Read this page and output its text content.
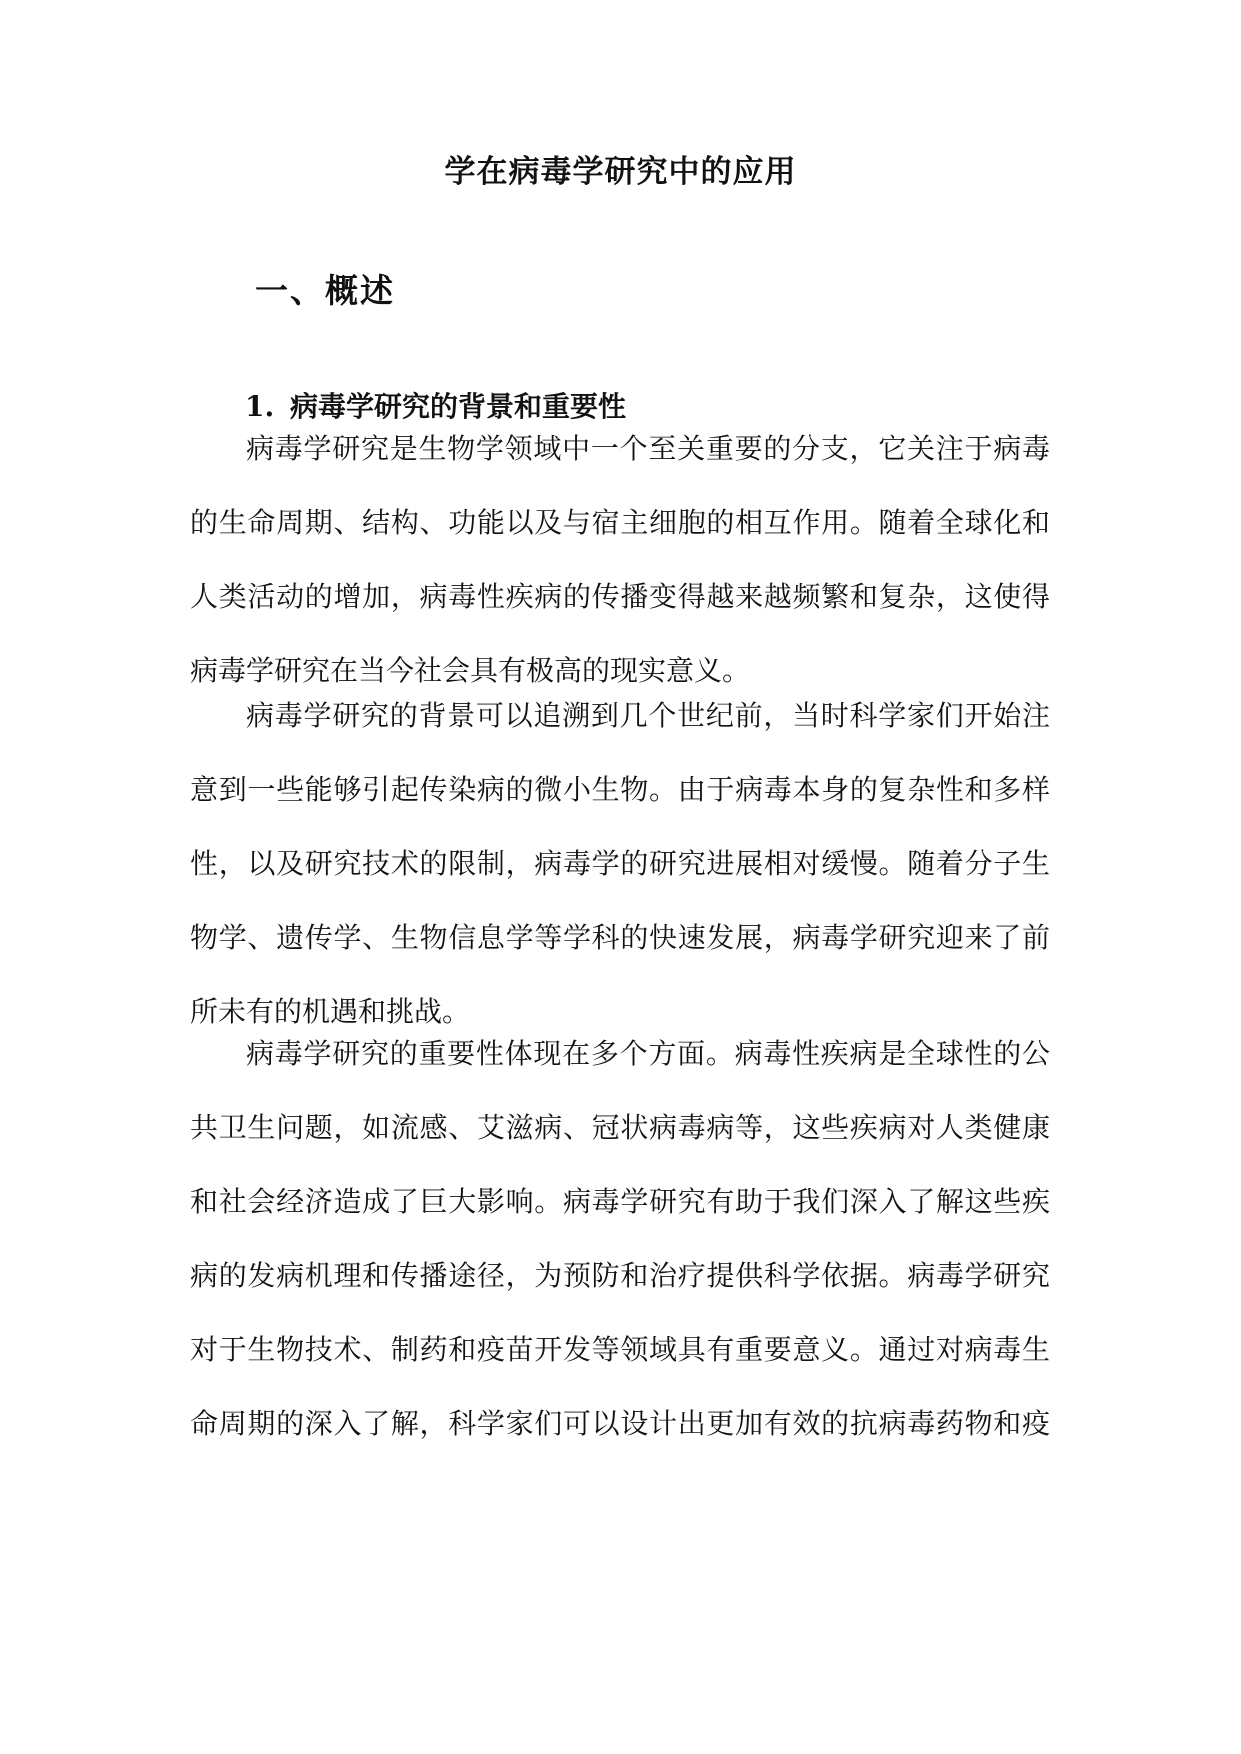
学在病毒学研究中的应用
一、概述
1. 病毒学研究的背景和重要性
病毒学研究是生物学领域中一个至关重要的分支，它关注于病毒
的生命周期、结构、功能以及与宿主细胞的相互作用。随着全球化和
人类活动的增加，病毒性疾病的传播变得越来越频繁和复杂，这使得
病毒学研究在当今社会具有极高的现实意义。
病毒学研究的背景可以追溯到几个世纪前，当时科学家们开始注
意到一些能够引起传染病的微小生物。由于病毒本身的复杂性和多样
性，以及研究技术的限制，病毒学的研究进展相对缓慢。随着分子生
物学、遗传学、生物信息学等学科的快速发展，病毒学研究迎来了前
所未有的机遇和挑战。
病毒学研究的重要性体现在多个方面。病毒性疾病是全球性的公
共卫生问题，如流感、艾滋病、冠状病毒病等，这些疾病对人类健康
和社会经济造成了巨大影响。病毒学研究有助于我们深入了解这些疾
病的发病机理和传播途径，为预防和治疗提供科学依据。病毒学研究
对于生物技术、制药和疫苗开发等领域具有重要意义。通过对病毒生
命周期的深入了解，科学家们可以设计出更加有效的抗病毒药物和疫
